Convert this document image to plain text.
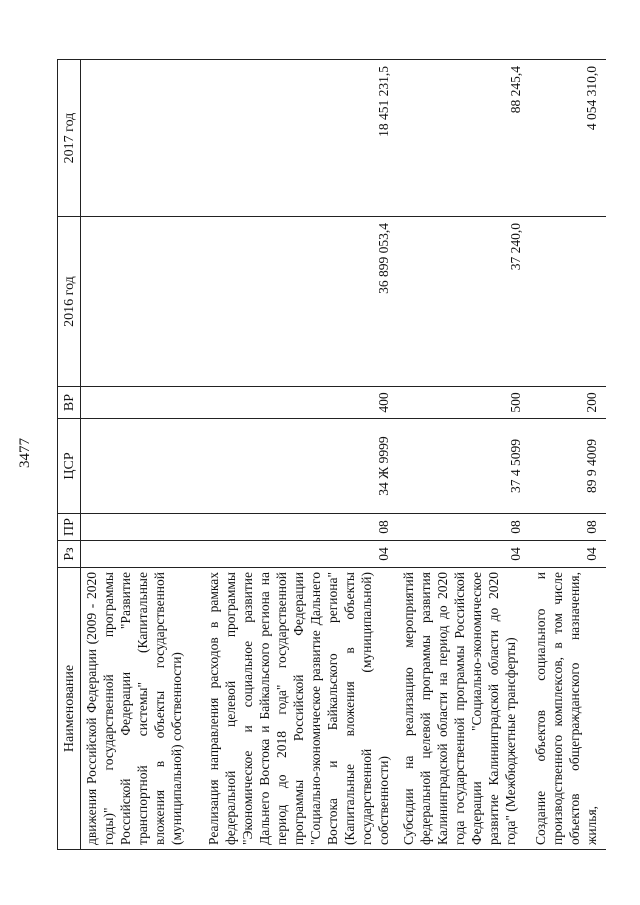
3477
Наименование	Рз	ПР	ЦСР	ВР	2016 год	2017 год
движения Российской Федерации (2009 - 2020 годы)" государственной программы Российской Федерации "Развитие транспортной системы" (Капитальные вложения в объекты государственной (муниципальной) собственности)						
Реализация направления расходов в рамках федеральной целевой программы "Экономическое и социальное развитие Дальнего Востока и Байкальского региона на период до 2018 года" государственной программы Российской Федерации "Социально-экономическое развитие Дальнего Востока и Байкальского региона" (Капитальные вложения в объекты государственной (муниципальной) собственности)	04	08	34 Ж 9999	400	36 899 053,4	18 451 231,5
Субсидии на реализацию мероприятий федеральной целевой программы развития Калининградской области на период до 2020 года государственной программы Российской Федерации "Социально-экономическое развитие Калининградской области до 2020 года" (Межбюджетные трансферты)	04	08	37 4 5099	500	37 240,0	88 245,4
Создание объектов социального и производственного комплексов, в том числе объектов общегражданского назначения, жилья,	04	08	89 9 4009	200		4 054 310,0
